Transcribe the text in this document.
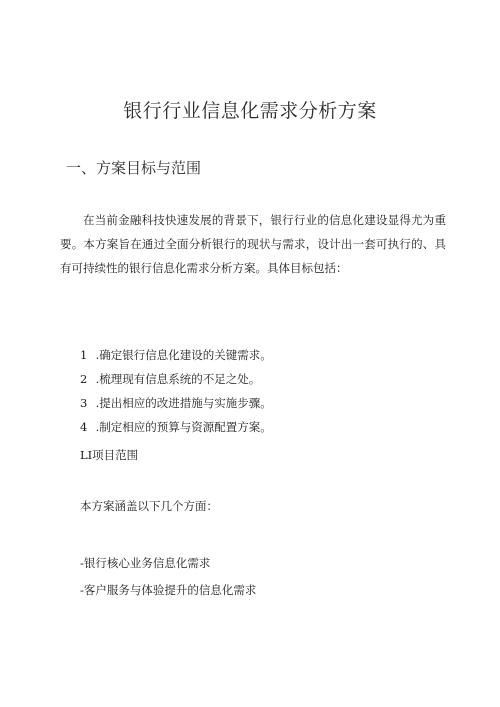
银行行业信息化需求分析方案
一、方案目标与范围

在当前金融科技快速发展的背景下，银行行业的信息化建设显得尤为重要。本方案旨在通过全面分析银行的现状与需求，设计出一套可执行的、具有可持续性的银行信息化需求分析方案。具体目标包括：

1 .确定银行信息化建设的关键需求。
2 .梳理现有信息系统的不足之处。
3 .提出相应的改进措施与实施步骤。
4 .制定相应的预算与资源配置方案。

LI项目范围

本方案涵盖以下几个方面：

-银行核心业务信息化需求
-客户服务与体验提升的信息化需求
